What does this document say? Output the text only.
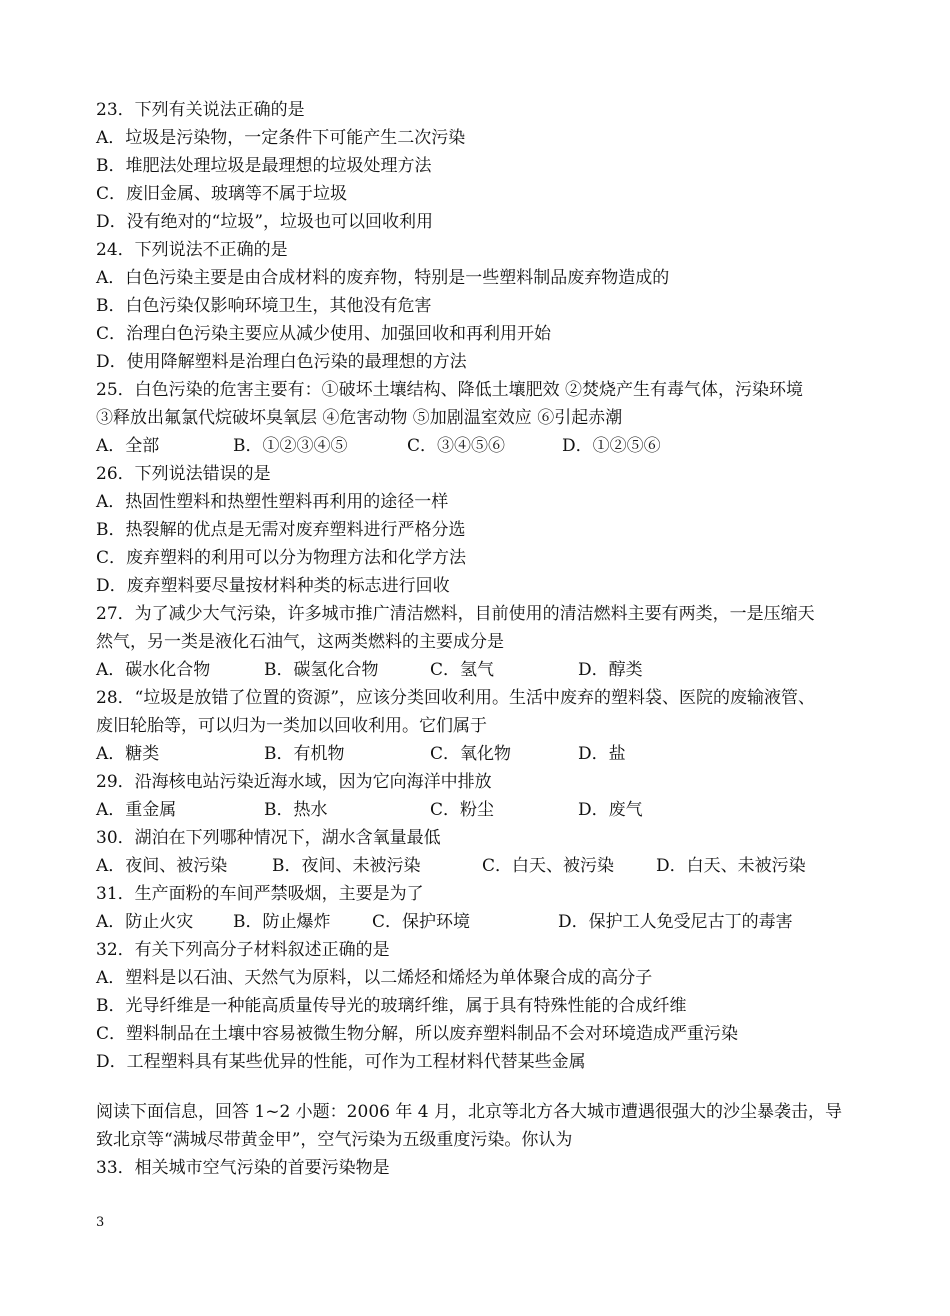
23．下列有关说法正确的是
A．垃圾是污染物，一定条件下可能产生二次污染
B．堆肥法处理垃圾是最理想的垃圾处理方法
C．废旧金属、玻璃等不属于垃圾
D．没有绝对的“垃圾”，垃圾也可以回收利用
24．下列说法不正确的是
A．白色污染主要是由合成材料的废弃物，特别是一些塑料制品废弃物造成的
B．白色污染仅影响环境卫生，其他没有危害
C．治理白色污染主要应从减少使用、加强回收和再利用开始
D．使用降解塑料是治理白色污染的最理想的方法
25．白色污染的危害主要有：①破坏土壤结构、降低土壤肥效 ②焚烧产生有毒气体，污染环境
③释放出氟氯代烷破坏臭氧层 ④危害动物 ⑤加剧温室效应 ⑥引起赤潮
A．全部	B．①②③④⑤	C．③④⑤⑥	D．①②⑤⑥
26．下列说法错误的是
A．热固性塑料和热塑性塑料再利用的途径一样
B．热裂解的优点是无需对废弃塑料进行严格分选
C．废弃塑料的利用可以分为物理方法和化学方法
D．废弃塑料要尽量按材料种类的标志进行回收
27．为了减少大气污染，许多城市推广清洁燃料，目前使用的清洁燃料主要有两类，一是压缩天
然气，另一类是液化石油气，这两类燃料的主要成分是
A．碳水化合物	B．碳氢化合物	C．氢气	D．醇类
28．“垃圾是放错了位置的资源”，应该分类回收利用。生活中废弃的塑料袋、医院的废输液管、
废旧轮胎等，可以归为一类加以回收利用。它们属于
A．糖类	B．有机物	C．氧化物	D．盐
29．沿海核电站污染近海水域，因为它向海洋中排放
A．重金属	B．热水	C．粉尘	D．废气
30．湖泊在下列哪种情况下，湖水含氧量最低
A．夜间、被污染	B．夜间、未被污染	C．白天、被污染	D．白天、未被污染
31．生产面粉的车间严禁吸烟，主要是为了
A．防止火灾	B．防止爆炸	C．保护环境	D．保护工人免受尼古丁的毒害
32．有关下列高分子材料叙述正确的是
A．塑料是以石油、天然气为原料，以二烯烃和烯烃为单体聚合成的高分子
B．光导纤维是一种能高质量传导光的玻璃纤维，属于具有特殊性能的合成纤维
C．塑料制品在土壤中容易被微生物分解，所以废弃塑料制品不会对环境造成严重污染
D．工程塑料具有某些优异的性能，可作为工程材料代替某些金属
阅读下面信息，回答 1~2 小题：2006 年 4 月，北京等北方各大城市遭遇很强大的沙尘暴袭击，导
致北京等“满城尽带黄金甲”，空气污染为五级重度污染。你认为
33．相关城市空气污染的首要污染物是
3
